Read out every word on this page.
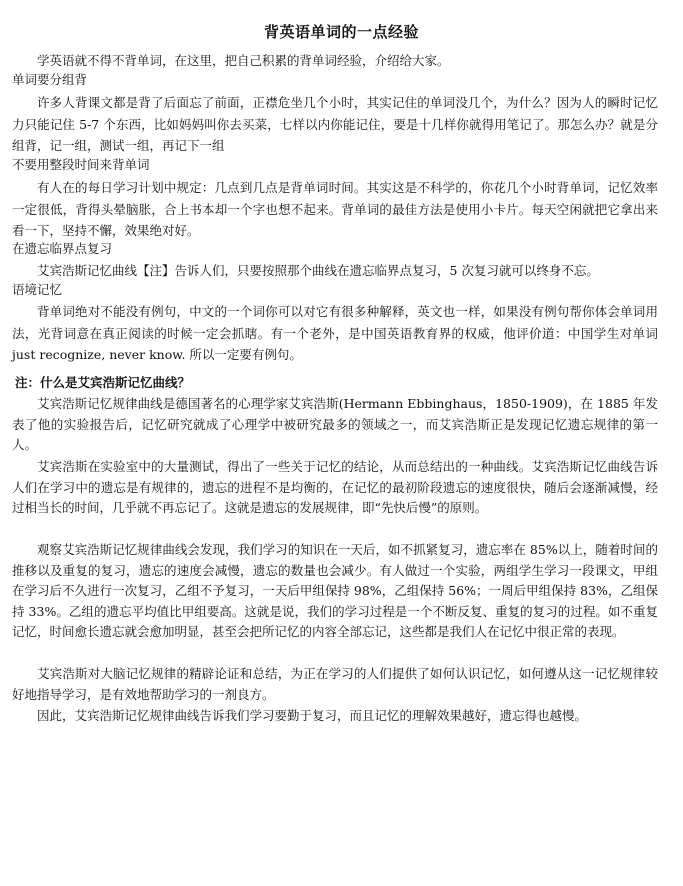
背英语单词的一点经验

学英语就不得不背单词，在这里，把自己积累的背单词经验，介绍给大家。

单词要分组背

许多人背课文都是背了后面忘了前面，正襟危坐几个小时，其实记住的单词没几个，为什么？因为人的瞬时记忆力只能记住 5-7 个东西，比如妈妈叫你去买菜，七样以内你能记住，要是十几样你就得用笔记了。那怎么办？就是分组背，记一组，测试一组，再记下一组

不要用整段时间来背单词

有人在的每日学习计划中规定：几点到几点是背单词时间。其实这是不科学的，你花几个小时背单词，记忆效率一定很低，背得头晕脑胀，合上书本却一个字也想不起来。背单词的最佳方法是使用小卡片。每天空闲就把它拿出来看一下，坚持不懈，效果绝对好。

在遗忘临界点复习

艾宾浩斯记忆曲线【注】告诉人们，只要按照那个曲线在遗忘临界点复习，5 次复习就可以终身不忘。

语境记忆

背单词绝对不能没有例句，中文的一个词你可以对它有很多种解释，英文也一样，如果没有例句帮你体会单词用法，光背词意在真正阅读的时候一定会抓瞎。有一个老外，是中国英语教育界的权威，他评价道：中国学生对单词 just recognize, never know. 所以一定要有例句。

注：什么是艾宾浩斯记忆曲线？

艾宾浩斯记忆规律曲线是德国著名的心理学家艾宾浩斯(Hermann Ebbinghaus，1850-1909)，在 1885 年发表了他的实验报告后，记忆研究就成了心理学中被研究最多的领域之一，而艾宾浩斯正是发现记忆遗忘规律的第一人。

艾宾浩斯在实验室中的大量测试，得出了一些关于记忆的结论，从而总结出的一种曲线。艾宾浩斯记忆曲线告诉人们在学习中的遗忘是有规律的，遗忘的进程不是均衡的，在记忆的最初阶段遗忘的速度很快，随后会逐渐减慢，经过相当长的时间，几乎就不再忘记了。这就是遗忘的发展规律，即“先快后慢”的原则。

观察艾宾浩斯记忆规律曲线会发现，我们学习的知识在一天后，如不抓紧复习，遗忘率在 85%以上，随着时间的推移以及重复的复习，遗忘的速度会减慢，遗忘的数量也会减少。有人做过一个实验，两组学生学习一段课文，甲组在学习后不久进行一次复习，乙组不予复习，一天后甲组保持 98%，乙组保持 56%；一周后甲组保持 83%，乙组保持 33%。乙组的遗忘平均值比甲组要高。这就是说，我们的学习过程是一个不断反复、重复的复习的过程。如不重复记忆，时间愈长遗忘就会愈加明显，甚至会把所记忆的内容全部忘记，这些都是我们人在记忆中很正常的表现。

艾宾浩斯对大脑记忆规律的精辟论证和总结，为正在学习的人们提供了如何认识记忆，如何遵从这一记忆规律较好地指导学习，是有效地帮助学习的一剂良方。

因此，艾宾浩斯记忆规律曲线告诉我们学习要勤于复习，而且记忆的理解效果越好，遗忘得也越慢。
